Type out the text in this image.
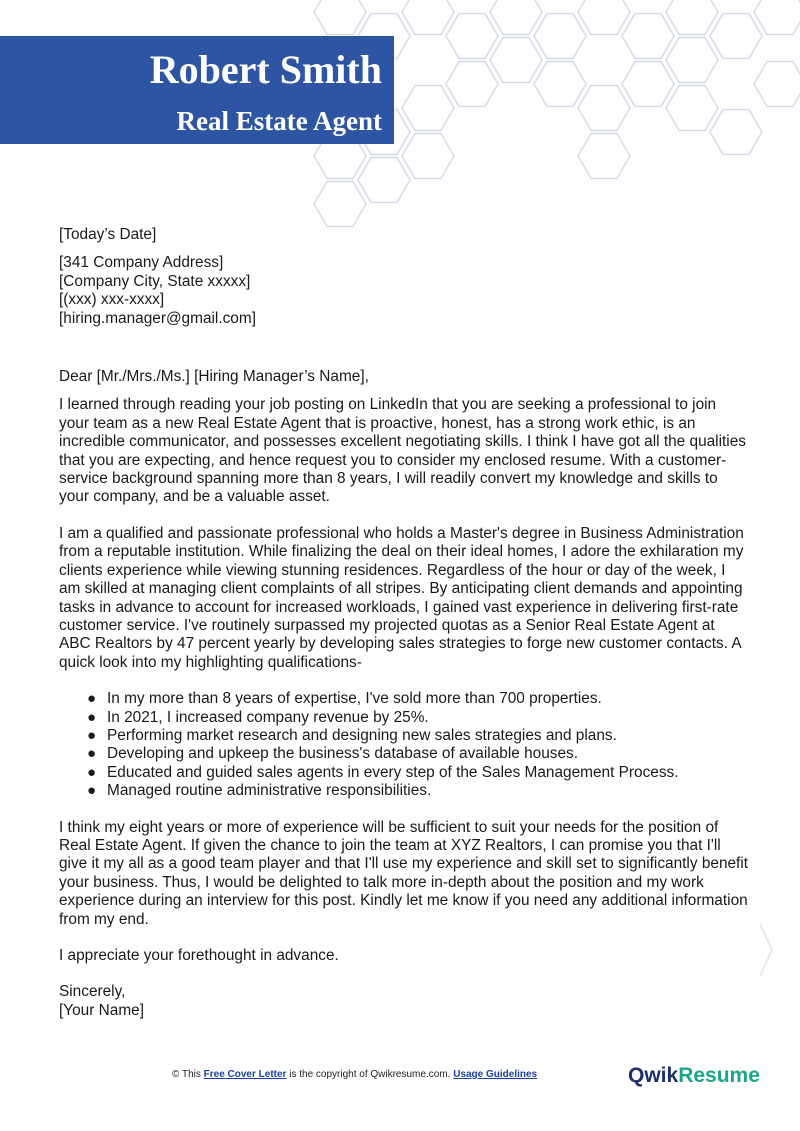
Robert Smith
Real Estate Agent

[Today’s Date]

[341 Company Address]

[Company City, State xxxxx]

[(xxx) xxx-xxxx]

[hiring.manager@gmail.com]

Dear [Mr./Mrs./Ms.] [Hiring Manager’s Name],

I learned through reading your job posting on LinkedIn that you are seeking a professional to join your team as a new Real Estate Agent that is proactive, honest, has a strong work ethic, is an incredible communicator, and possesses excellent negotiating skills. I think I have got all the qualities that you are expecting, and hence request you to consider my enclosed resume. With a customer-service background spanning more than 8 years, I will readily convert my knowledge and skills to your company, and be a valuable asset.

I am a qualified and passionate professional who holds a Master's degree in Business Administration from a reputable institution. While finalizing the deal on their ideal homes, I adore the exhilaration my clients experience while viewing stunning residences. Regardless of the hour or day of the week, I am skilled at managing client complaints of all stripes. By anticipating client demands and appointing tasks in advance to account for increased workloads, I gained vast experience in delivering first-rate customer service. I've routinely surpassed my projected quotas as a Senior Real Estate Agent at ABC Realtors by 47 percent yearly by developing sales strategies to forge new customer contacts. A quick look into my highlighting qualifications-

● In my more than 8 years of expertise, I've sold more than 700 properties.
● In 2021, I increased company revenue by 25%.
● Performing market research and designing new sales strategies and plans.
● Developing and upkeep the business's database of available houses.
● Educated and guided sales agents in every step of the Sales Management Process.
● Managed routine administrative responsibilities.

I think my eight years or more of experience will be sufficient to suit your needs for the position of Real Estate Agent. If given the chance to join the team at XYZ Realtors, I can promise you that I'll give it my all as a good team player and that I'll use my experience and skill set to significantly benefit your business. Thus, I would be delighted to talk more in-depth about the position and my work experience during an interview for this post. Kindly let me know if you need any additional information from my end.

I appreciate your forethought in advance.

Sincerely,

[Your Name]

© This Free Cover Letter is the copyright of Qwikresume.com. Usage Guidelines	QwikResume
